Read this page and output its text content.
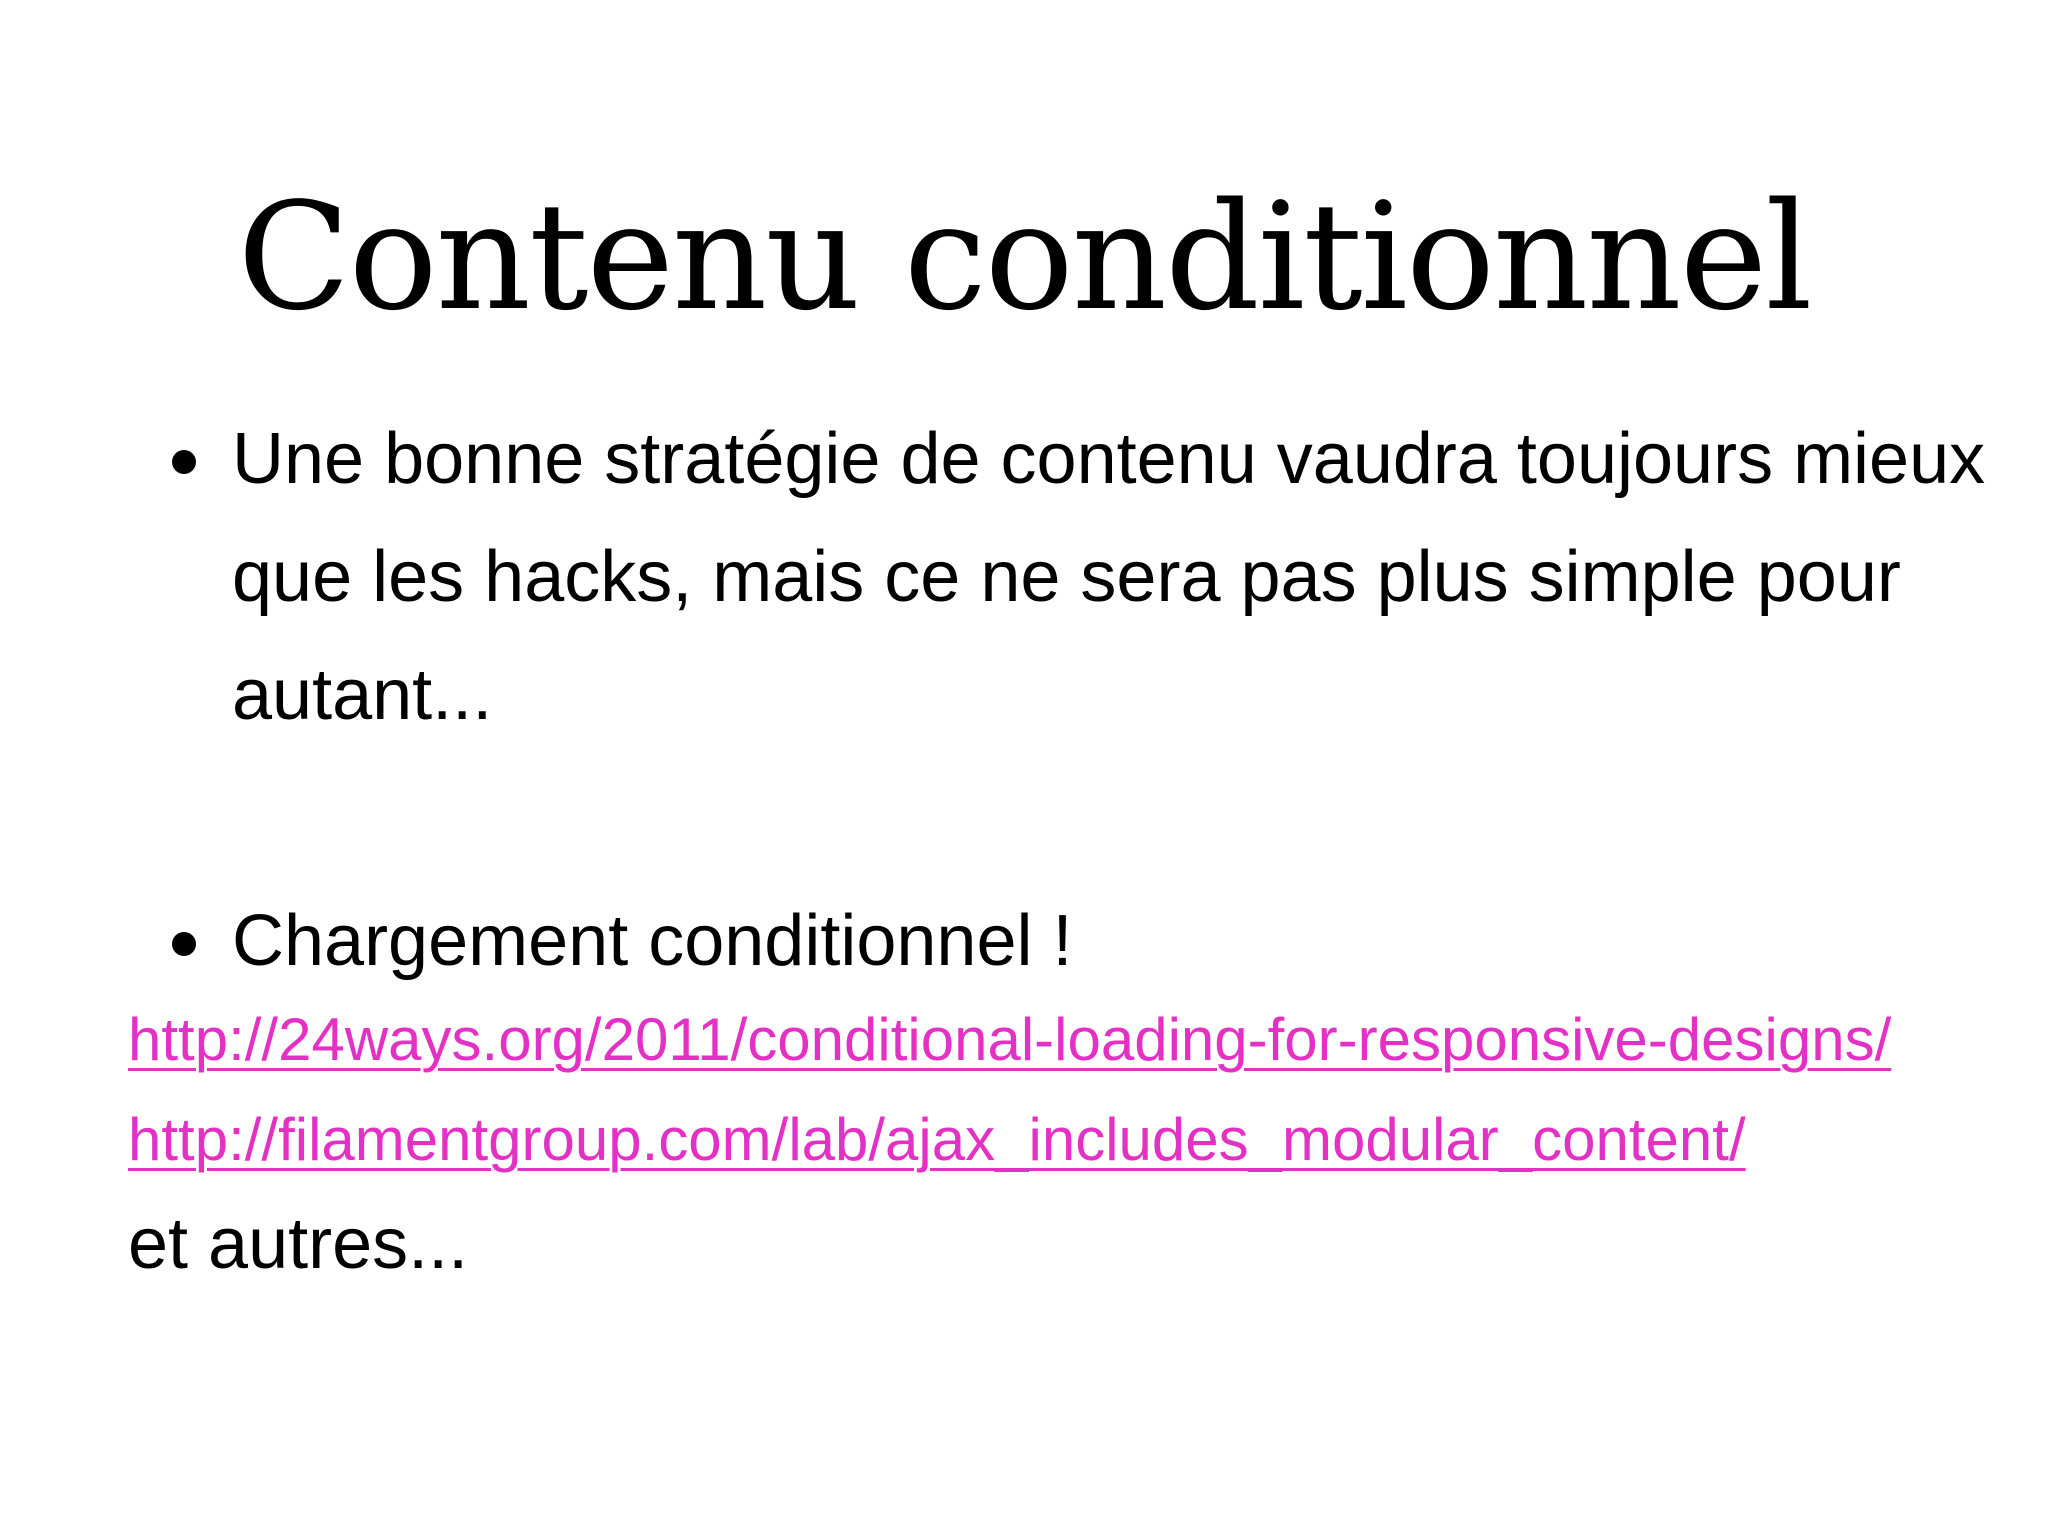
Contenu conditionnel
Une bonne stratégie de contenu vaudra toujours mieux
que les hacks, mais ce ne sera pas plus simple pour
autant...
Chargement conditionnel !
http://24ways.org/2011/conditional-loading-for-responsive-designs/
http://filamentgroup.com/lab/ajax_includes_modular_content/
et autres...
